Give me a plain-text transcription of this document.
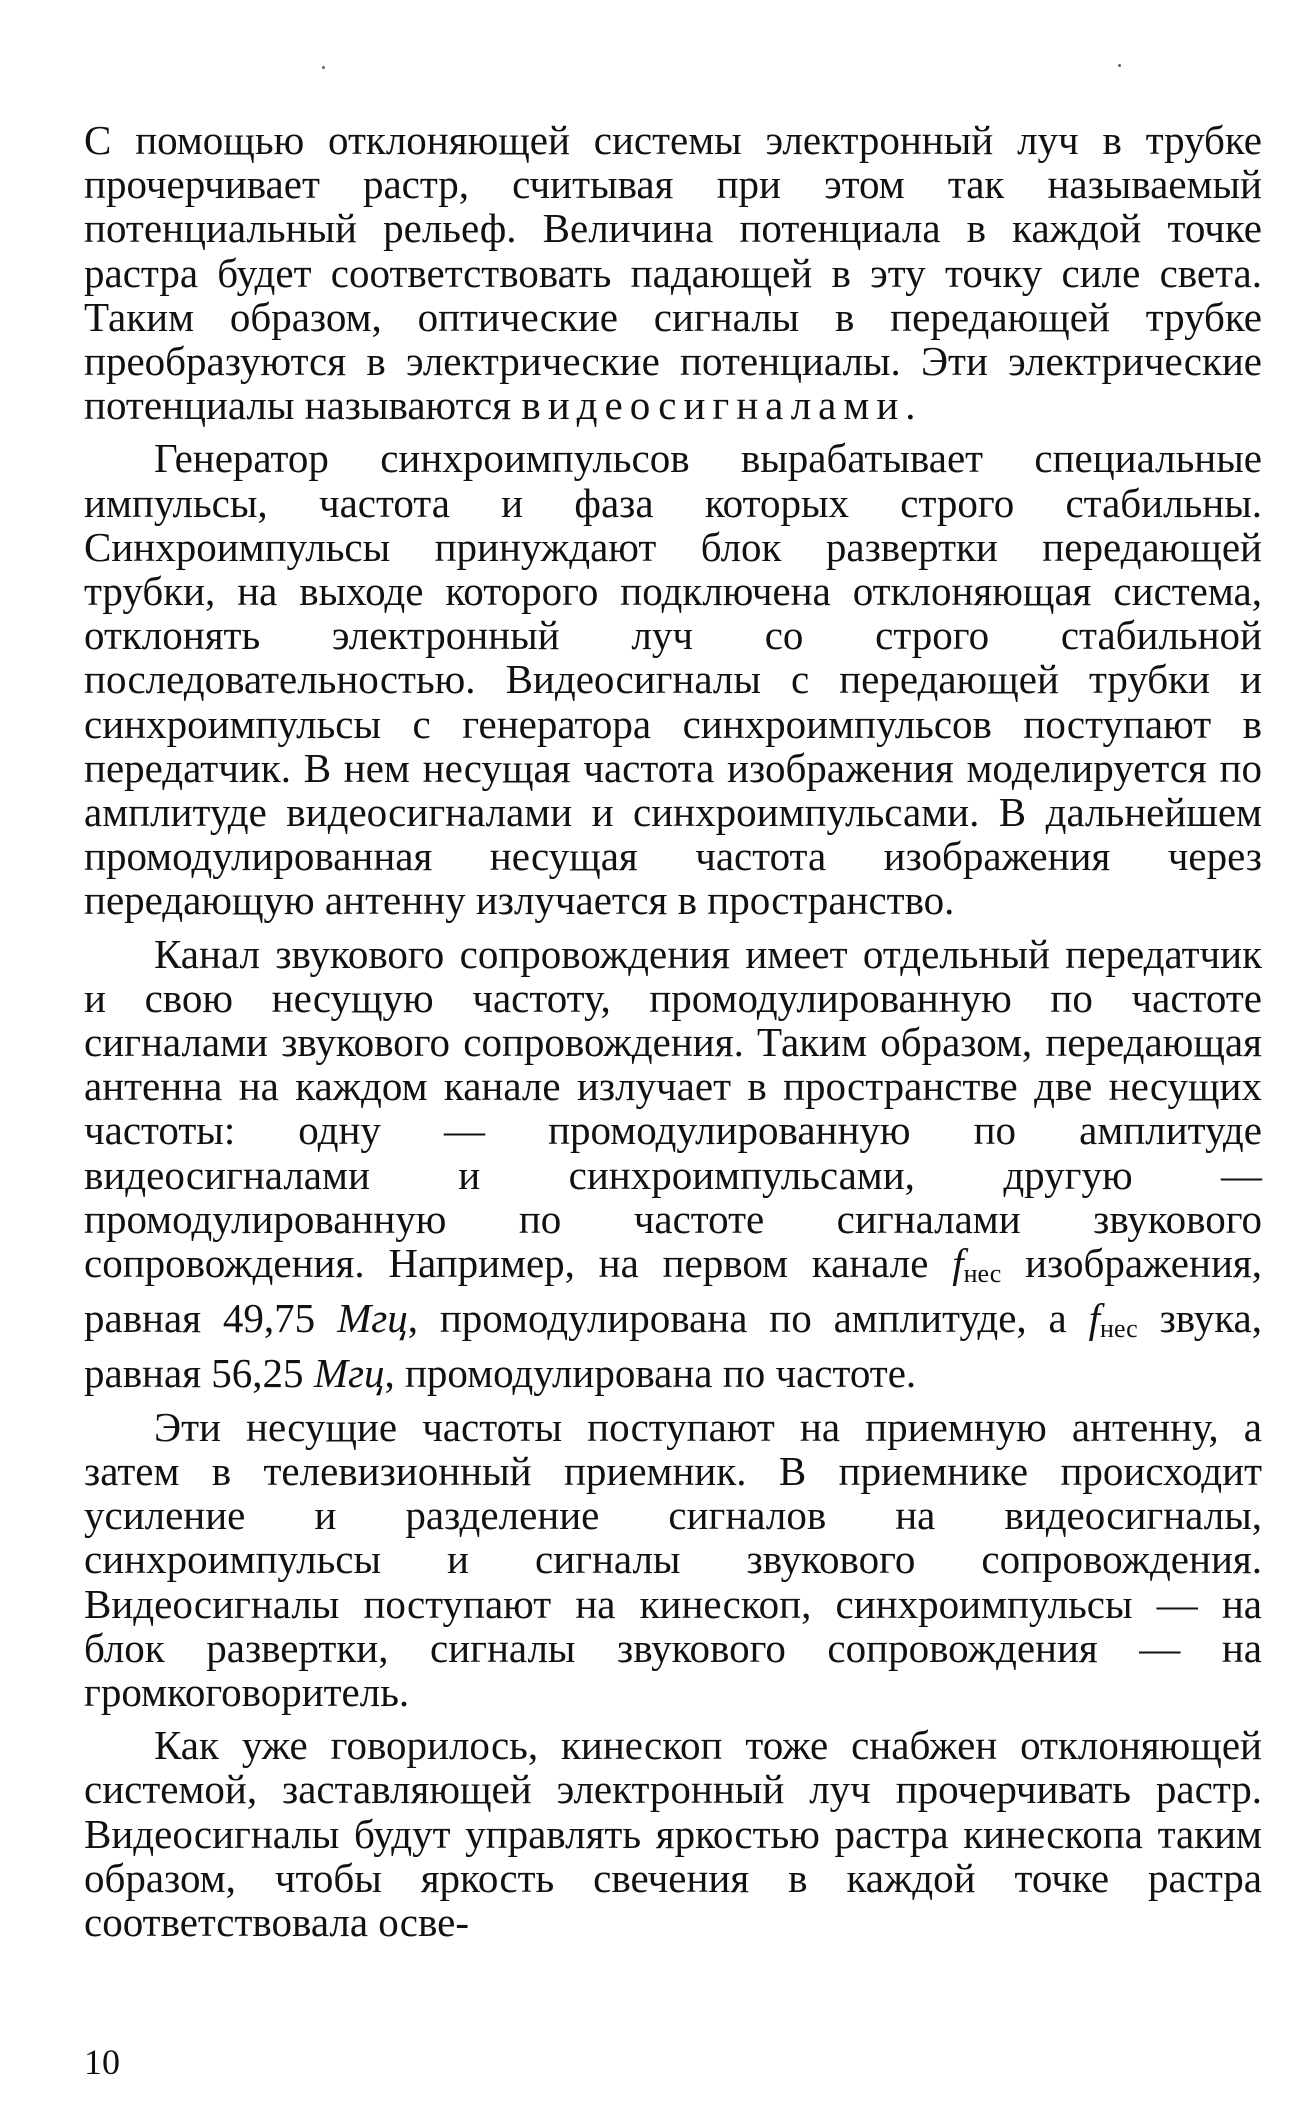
С помощью отклоняющей системы электронный луч в трубке прочерчивает растр, считывая при этом так называемый потенциальный рельеф. Величина потенциала в каждой точке растра будет соответствовать падающей в эту точку силе света. Таким образом, оптические сигналы в передающей трубке преобразуются в электрические потенциалы. Эти электрические потенциалы называются видеосигналами.

Генератор синхроимпульсов вырабатывает специальные импульсы, частота и фаза которых строго стабильны. Синхроимпульсы принуждают блок развертки передающей трубки, на выходе которого подключена отклоняющая система, отклонять электронный луч со строго стабильной последовательностью. Видеосигналы с передающей трубки и синхроимпульсы с генератора синхроимпульсов поступают в передатчик. В нем несущая частота изображения моделируется по амплитуде видеосигналами и синхроимпульсами. В дальнейшем промодулированная несущая частота изображения через передающую антенну излучается в пространство.

Канал звукового сопровождения имеет отдельный передатчик и свою несущую частоту, промодулированную по частоте сигналами звукового сопровождения. Таким образом, передающая антенна на каждом канале излучает в пространстве две несущих частоты: одну — промодулированную по амплитуде видеосигналами и синхроимпульсами, другую — промодулированную по частоте сигналами звукового сопровождения. Например, на первом канале fнес изображения, равная 49,75 Мгц, промодулирована по амплитуде, а fнес звука, равная 56,25 Мгц, промодулирована по частоте.

Эти несущие частоты поступают на приемную антенну, а затем в телевизионный приемник. В приемнике происходит усиление и разделение сигналов на видеосигналы, синхроимпульсы и сигналы звукового сопровождения. Видеосигналы поступают на кинескоп, синхроимпульсы — на блок развертки, сигналы звукового сопровождения — на громкоговоритель.

Как уже говорилось, кинескоп тоже снабжен отклоняющей системой, заставляющей электронный луч прочерчивать растр. Видеосигналы будут управлять яркостью растра кинескопа таким образом, чтобы яркость свечения в каждой точке растра соответствовала осве-

10
